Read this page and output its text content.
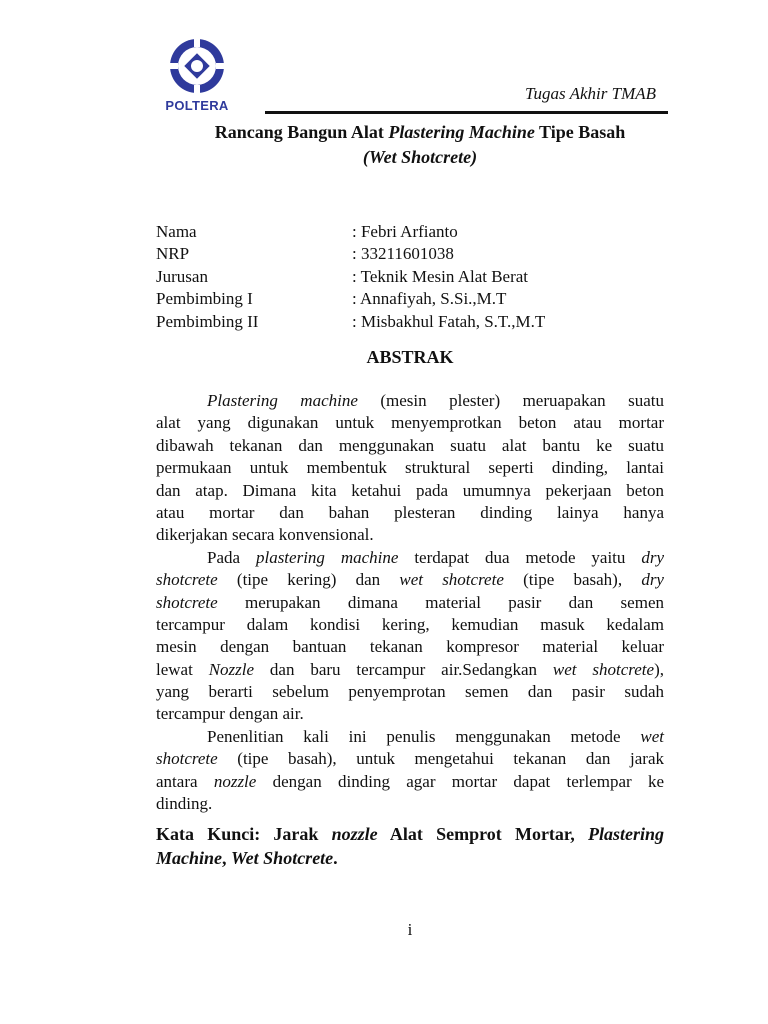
POLTERA
Tugas Akhir TMAB
Rancang Bangun Alat Plastering Machine Tipe Basah
(Wet Shotcrete)
Nama	: Febri Arfianto
NRP	: 33211601038
Jurusan	: Teknik Mesin Alat Berat
Pembimbing I	: Annafiyah, S.Si.,M.T
Pembimbing II	: Misbakhul Fatah, S.T.,M.T
ABSTRAK
Plastering machine (mesin plester) meruapakan suatu
alat yang digunakan untuk menyemprotkan beton atau mortar
dibawah tekanan dan menggunakan suatu alat bantu ke suatu
permukaan untuk membentuk struktural seperti dinding, lantai
dan atap. Dimana kita ketahui pada umumnya pekerjaan beton
atau mortar dan bahan plesteran dinding lainya hanya
dikerjakan secara konvensional.
Pada plastering machine terdapat dua metode yaitu dry
shotcrete (tipe kering) dan wet shotcrete (tipe basah), dry
shotcrete merupakan dimana material pasir dan semen
tercampur dalam kondisi kering, kemudian masuk kedalam
mesin dengan bantuan tekanan kompresor material keluar
lewat Nozzle dan baru tercampur air.Sedangkan wet shotcrete),
yang berarti sebelum penyemprotan semen dan pasir sudah
tercampur dengan air.
Penenlitian kali ini penulis menggunakan metode wet
shotcrete (tipe basah), untuk mengetahui tekanan dan jarak
antara nozzle dengan dinding agar mortar dapat terlempar ke
dinding.
Kata Kunci: Jarak nozzle Alat Semprot Mortar, Plastering
Machine, Wet Shotcrete.
i
